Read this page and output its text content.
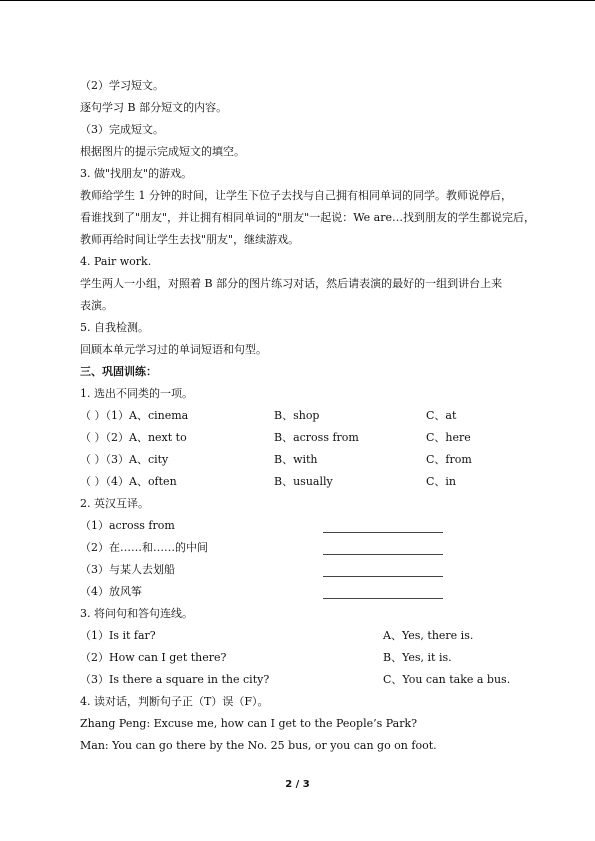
（2）学习短文。
逐句学习 B 部分短文的内容。
（3）完成短文。
根据图片的提示完成短文的填空。
3. 做"找朋友"的游戏。
教师给学生 1 分钟的时间，让学生下位子去找与自己拥有相同单词的同学。教师说停后，
看谁找到了"朋友"，并让拥有相同单词的"朋友"一起说：We are…找到朋友的学生都说完后，
教师再给时间让学生去找"朋友"，继续游戏。
4. Pair work.
学生两人一小组，对照着 B 部分的图片练习对话，然后请表演的最好的一组到讲台上来
表演。
5. 自我检测。
回顾本单元学习过的单词短语和句型。
三、巩固训练：
1. 选出不同类的一项。
（ ）（1）A、cinema	B、shop	C、at
（ ）（2）A、next to	B、across from	C、here
（ ）（3）A、city	B、with	C、from
（ ）（4）A、often	B、usually	C、in
2. 英汉互译。
（1）across from
（2）在……和……的中间
（3）与某人去划船
（4）放风筝
3. 将问句和答句连线。
（1）Is it far?	A、Yes, there is.
（2）How can I get there?	B、Yes, it is.
（3）Is there a square in the city?	C、You can take a bus.
4. 读对话，判断句子正（T）误（F）。
Zhang Peng: Excuse me, how can I get to the People’s Park?
Man: You can go there by the No. 25 bus, or you can go on foot.
2 / 3
